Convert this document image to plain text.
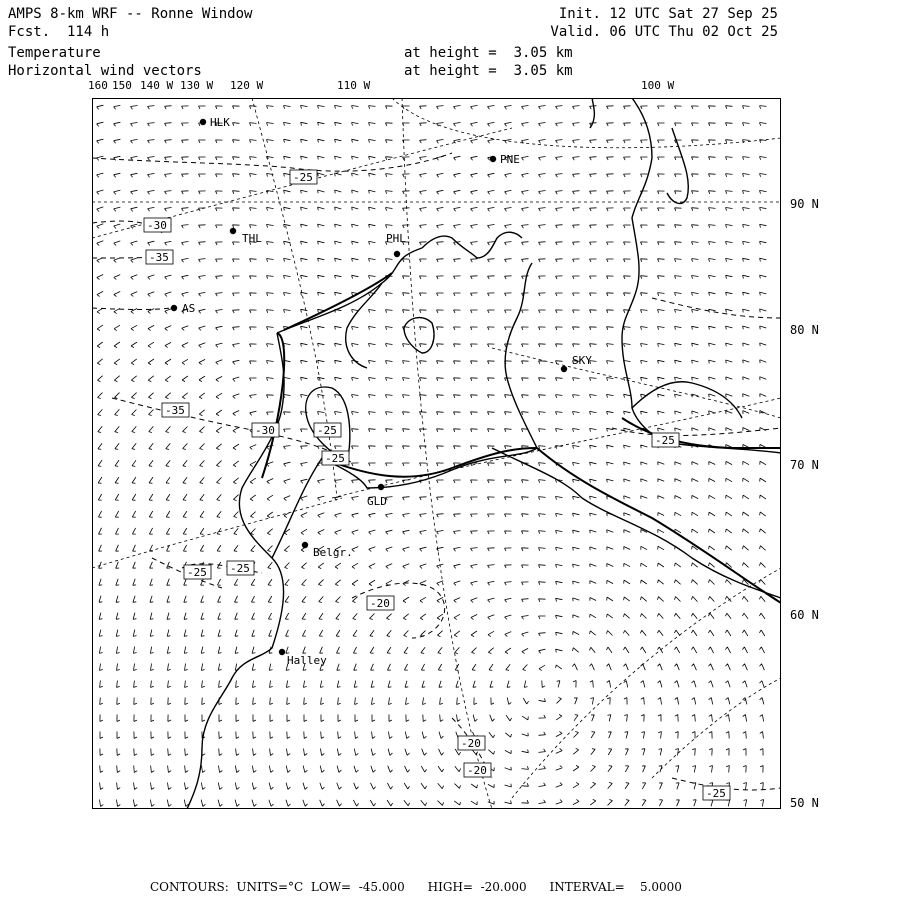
AMPS 8-km WRF -- Ronne Window
Fcst.  114 h
Temperature
Horizontal wind vectors
Init. 12 UTC Sat 27 Sep 25
Valid. 06 UTC Thu 02 Oct 25
at height =  3.05 km
at height =  3.05 km
160 150 140 W 130 W 120 W	110 W	100 W
90 N
80 N
70 N
60 N
50 N
HLK
PNE
THL	PHL
AS
SKY
GLD
Belgr.
Halley
-25
-30
-35
-25
-35
-30
-25
-25 -25
-25
-20
-20
-20
-25
CONTOURS: UNITS=°C LOW=  -45.000 HIGH=  -20.000 INTERVAL=    5.0000
